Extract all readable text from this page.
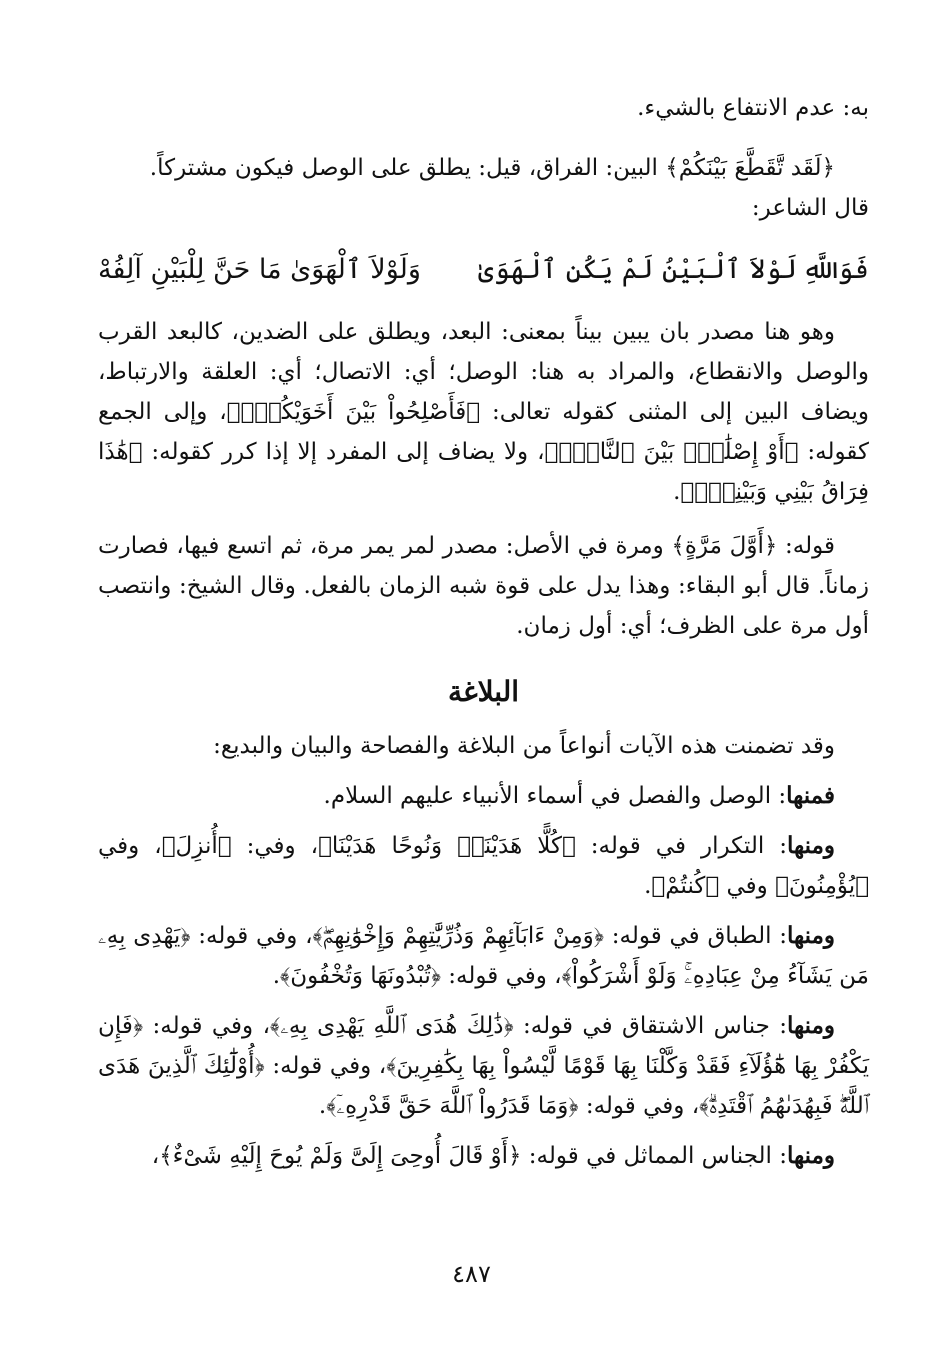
به: عدم الانتفاع بالشيء.

﴿لَقَد تَّقَطَّعَ بَيْنَكُمْ﴾ البين: الفراق، قيل: يطلق على الوصل فيكون مشتركاً.

قال الشاعر:

فَوَاللَّهِ لَوْلاَ ٱلْبَيْنُ لَمْ يَكُنِ ٱلْهَوَىٰ
وَلَوْلاَ ٱلْهَوَىٰ مَا حَنَّ لِلْبَيْنِ آلِفُهْ

وهو هنا مصدر بان يبين بيناً بمعنى: البعد، ويطلق على الضدين، كالبعد القرب والوصل والانقطاع، والمراد به هنا: الوصل؛ أي: الاتصال؛ أي: العلقة والارتباط، ويضاف البين إلى المثنى كقوله تعالى: ﴿فَأَصْلِحُواْ بَيْنَ أَخَوَيْكُمْۚ﴾، وإلى الجمع كقوله: ﴿أَوْ إِصْلَٰحِۭ بَيْنَ ٱلنَّاسِۚ﴾، ولا يضاف إلى المفرد إلا إذا كرر كقوله: ﴿هَٰذَا فِرَاقُ بَيْنِي وَبَيْنِكَۚ﴾.

قوله: ﴿أَوَّلَ مَرَّةٍ﴾ ومرة في الأصل: مصدر لمر يمر مرة، ثم اتسع فيها، فصارت زماناً. قال أبو البقاء: وهذا يدل على قوة شبه الزمان بالفعل. وقال الشيخ: وانتصب أول مرة على الظرف؛ أي: أول زمان.

البلاغة

وقد تضمنت هذه الآيات أنواعاً من البلاغة والفصاحة والبيان والبديع:

فمنها: الوصل والفصل في أسماء الأنبياء عليهم السلام.

ومنها: التكرار في قوله: ﴿كُلًّا هَدَيْنَاۚ وَنُوحًا هَدَيْنَا﴾، وفي: ﴿أُنزِلَ﴾، وفي ﴿يُؤْمِنُونَ﴾ وفي ﴿كُنتُمْ﴾.

ومنها: الطباق في قوله: ﴿وَمِنْ ءَابَآئِهِمْ وَذُرِّيَّٰتِهِمْ وَإِخْوَٰنِهِمْۖ﴾، وفي قوله: ﴿يَهْدِى بِهِۦ مَن يَشَآءُ مِنْ عِبَادِهِۦۚ وَلَوْ أَشْرَكُواْ﴾، وفي قوله: ﴿تُبْدُونَهَا وَتُخْفُونَ﴾.

ومنها: جناس الاشتقاق في قوله: ﴿ذَٰلِكَ هُدَى ٱللَّهِ يَهْدِى بِهِۦ﴾، وفي قوله: ﴿فَإِن يَكْفُرْ بِهَا هَٰٓؤُلَآءِ فَقَدْ وَكَّلْنَا بِهَا قَوْمًا لَّيْسُواْ بِهَا بِكَٰفِرِينَ﴾، وفي قوله: ﴿أُوْلَٰٓئِكَ ٱلَّذِينَ هَدَى ٱللَّهُۖ فَبِهُدَىٰهُمُ ٱقْتَدِهْۗ﴾، وفي قوله: ﴿وَمَا قَدَرُواْ ٱللَّهَ حَقَّ قَدْرِهِۦٓ﴾.

ومنها: الجناس المماثل في قوله: ﴿أَوْ قَالَ أُوحِىَ إِلَىَّ وَلَمْ يُوحَ إِلَيْهِ شَىْءٌ﴾،

٤٨٧
